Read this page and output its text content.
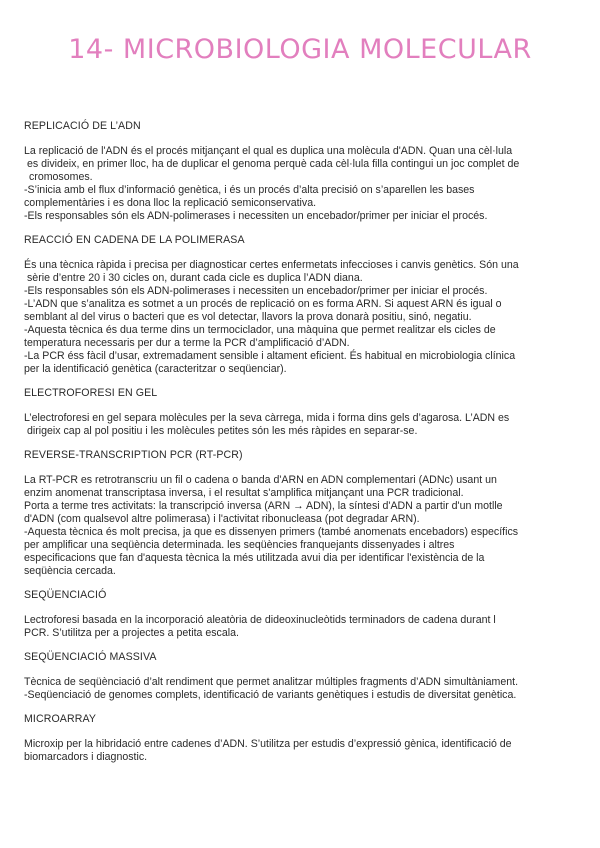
14- MICROBIOLOGIA MOLECULAR

REPLICACIÓ DE L’ADN

La replicació de l'ADN és el procés mitjançant el qual es duplica una molècula d'ADN. Quan una cèl·lula
es divideix, en primer lloc, ha de duplicar el genoma perquè cada cèl·lula filla contingui un joc complet de
cromosomes.
-S’inicia amb el flux d’informació genètica, i és un procés d’alta precisió on s’aparellen les bases
complementàries i es dona lloc la replicació semiconservativa.
-Els responsables són els ADN-polimerases i necessiten un encebador/primer per iniciar el procés.

REACCIÓ EN CADENA DE LA POLIMERASA

És una tècnica ràpida i precisa per diagnosticar certes enfermetats infeccioses i canvis genètics. Són una
sèrie d’entre 20 i 30 cicles on, durant cada cicle es duplica l’ADN diana.
-Els responsables són els ADN-polimerases i necessiten un encebador/primer per iniciar el procés.
-L’ADN que s’analitza es sotmet a un procés de replicació on es forma ARN. Si aquest ARN és igual o
semblant al del virus o bacteri que es vol detectar, llavors la prova donarà positiu, sinó, negatiu.
-Aquesta tècnica és dua terme dins un termociclador, una màquina que permet realitzar els cicles de
temperatura necessaris per dur a terme la PCR d’amplificació d’ADN.
-La PCR éss fàcil d’usar, extremadament sensible i altament eficient. És habitual en microbiologia clínica
per la identificació genètica (caracteritzar o seqüenciar).

ELECTROFORESI EN GEL

L’electroforesi en gel separa molècules per la seva càrrega, mida i forma dins gels d’agarosa. L’ADN es
dirigeix cap al pol positiu i les molècules petites són les més ràpides en separar-se.

REVERSE-TRANSCRIPTION PCR (RT-PCR)

La RT-PCR es retrotranscriu un fil o cadena o banda d'ARN en ADN complementari (ADNc) usant un
enzim anomenat transcriptasa inversa, i el resultat s'amplifica mitjançant una PCR tradicional.
Porta a terme tres activitats: la transcripció inversa (ARN → ADN), la síntesi d'ADN a partir d'un motlle
d'ADN (com qualsevol altre polimerasa) i l'activitat ribonucleasa (pot degradar ARN).
-Aquesta tècnica és molt precisa, ja que es dissenyen primers (també anomenats encebadors) específics
per amplificar una seqüència determinada. les seqüències franquejants dissenyades i altres
especificacions que fan d'aquesta tècnica la més utilitzada avui dia per identificar l'existència de la
seqüència cercada.

SEQÜENCIACIÓ

Lectroforesi basada en la incorporació aleatòria de dideoxinucleòtids terminadors de cadena durant l
PCR. S’utilitza per a projectes a petita escala.

SEQÜENCIACIÓ MASSIVA

Tècnica de seqüènciació d’alt rendiment que permet analitzar múltiples fragments d’ADN simultàniament.
-Seqüenciació de genomes complets, identificació de variants genètiques i estudis de diversitat genètica.

MICROARRAY

Microxip per la hibridació entre cadenes d’ADN. S’utilitza per estudis d’expressió gènica, identificació de
biomarcadors i diagnostic.
